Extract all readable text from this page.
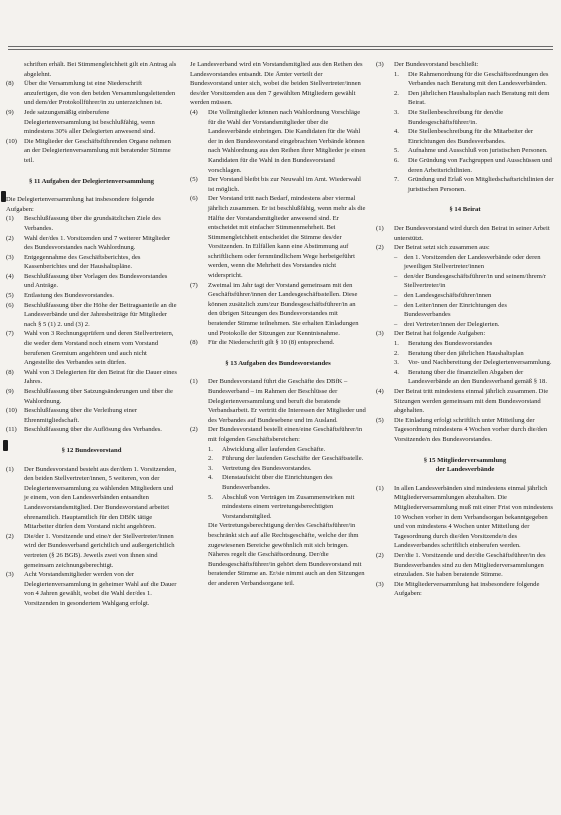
schriften erhält. Bei Stimmengleichheit gilt ein Antrag als abgelehnt.
(8)	Über die Versammlung ist eine Niederschrift anzufertigen, die von den beiden Versammlungsleitenden und dem/der Protokollführer/in zu unterzeichnen ist.
(9)	Jede satzungsmäßig einberufene Delegiertenversammlung ist beschlußfähig, wenn mindestens 30% aller Delegierten anwesend sind.
(10)	Die Mitglieder der Geschäftsführenden Organe nehmen an der Delegiertenversammlung mit beratender Stimme teil.
§ 11 Aufgaben der Delegiertenversammlung

Die Delegiertenversammlung hat insbesondere folgende Aufgaben:

(1)	Beschlußfassung über die grundsätzlichen Ziele des Verbandes.
(2)	Wahl der/des 1. Vorsitzenden und 7 weiterer Mitglieder des Bundesvorstandes nach Wahlordnung.
(3)	Entgegennahme des Geschäftsberichtes, des Kassenberichtes und der Haushaltspläne.
(4)	Beschlußfassung über Vorlagen des Bundesvorstandes und Anträge.
(5)	Entlastung des Bundesvorstandes.
(6)	Beschlußfassung über die Höhe der Beitragsanteile an die Landesverbände und der Jahresbeiträge für Mitglieder nach § 5 (1) 2. und (3) 2.
(7)	Wahl von 3 Rechnungsprüfern und deren Stellvertretern, die weder dem Vorstand noch einem vom Vorstand berufenen Gremium angehören und auch nicht Angestellte des Verbandes sein dürfen.
(8)	Wahl von 3 Delegierten für den Beirat für die Dauer eines Jahres.
(9)	Beschlußfassung über Satzungsänderungen und über die Wahlordnung.
(10)	Beschlußfassung über die Verleihung einer Ehrenmitgliedschaft.
(11)	Beschlußfassung über die Auflösung des Verbandes.
§ 12 Bundesvorstand
(1)	Der Bundesvorstand besteht aus der/dem 1. Vorsitzenden, den beiden Stellvertreter/innen, 5 weiteren, von der Delegiertenversammlung zu wählenden Mitgliedern und je einem, von den Landesverbänden entsandten Landesvorstandsmitglied. Der Bundesvorstand arbeitet ehrenamtlich. Hauptamtlich für den DBfK tätige Mitarbeiter dürfen dem Vorstand nicht angehören.
(2)	Die/der 1. Vorsitzende und eine/r der Stellvertreter/innen wird der Bundesverband gerichtlich und außergerichtlich vertreten (§ 26 BGB). Jeweils zwei von ihnen sind gemeinsam zeichnungsberechtigt.
(3)	Acht Vorstandsmitglieder werden von der Delegiertenversammlung in geheimer Wahl auf die Dauer von 4 Jahren gewählt, wobei die Wahl der/des 1. Vorsitzenden in gesondertem Wahlgang erfolgt.

Je Landesverband wird ein Vorstandsmitglied aus den Reihen des Landesvorstandes entsandt. Die Ämter verteilt der Bundesvorstand unter sich, wobei die beiden Stellvertreter/innen des/der Vorsitzenden aus den 7 gewählten Mitgliedern gewählt werden müssen.

(4)	Die Vollmitglieder können nach Wahlordnung Vorschläge für die Wahl der Vorstandsmitglieder über die Landesverbände einbringen. Die Kandidaten für die Wahl der in den Bundesvorstand eingebrachten Verbände können nach Wahlordnung aus den Reihen ihrer Mitglieder je einen Kandidaten für die Wahl in den Bundesvorstand vorschlagen.
(5)	Der Vorstand bleibt bis zur Neuwahl im Amt. Wiederwahl ist möglich.
(6)	Der Vorstand tritt nach Bedarf, mindestens aber viermal jährlich zusammen. Er ist beschlußfähig, wenn mehr als die Hälfte der Vorstandsmitglieder anwesend sind. Er entscheidet mit einfacher Stimmenmehrheit. Bei Stimmengleichheit entscheidet die Stimme des/der Vorsitzenden. In Eilfällen kann eine Abstimmung auf schriftlichem oder fernmündlichem Wege herbeigeführt werden, wenn die Mehrheit des Vorstandes nicht widerspricht.
(7)	Zweimal im Jahr tagt der Vorstand gemeinsam mit den Geschäftsführer/innen der Landesgeschäftsstellen. Diese können zusätzlich zum/zur Bundesgeschäftsführer/in an den übrigen Sitzungen des Bundesvorstandes mit beratender Stimme teilnehmen. Sie erhalten Einladungen und Protokolle der Sitzungen zur Kenntnisnahme.
(8)	Für die Niederschrift gilt § 10 (8) entsprechend.
§ 13 Aufgaben des Bundesvorstandes
(1)	Der Bundesvorstand führt die Geschäfte des DBfK – Bundesverband – im Rahmen der Beschlüsse der Delegiertenversammlung und beruft die beratende Verbandsarbeit. Er vertritt die Interessen der Mitglieder und des Verbandes auf Bundesebene und im Ausland.
(2)	Der Bundesvorstand bestellt einen/eine Geschäftsführer/in mit folgenden Geschäftsbereichen:
1.	Abwicklung aller laufenden Geschäfte.
2.	Führung der laufenden Geschäfte der Geschäftsstelle.
3.	Vertretung des Bundesvorstandes.
4.	Dienstaufsicht über die Einrichtungen des Bundesverbandes.
5.	Abschluß von Verträgen im Zusammenwirken mit mindestens einem vertretungsberechtigten Vorstandsmitglied.

Die Vertretungsberechtigung der/des Geschäftsführer/in beschränkt sich auf alle Rechtsgeschäfte, welche der ihm zugewiesenen Bereiche gewöhnlich mit sich bringen. Näheres regelt die Geschäftsordnung. Der/die Bundesgeschäftsführer/in gehört dem Bundesvorstand mit beratender Stimme an. Er/sie nimmt auch an den Sitzungen der anderen Verbandsorgane teil.

(3)	Der Bundesvorstand beschließt:
1.	Die Rahmenordnung für die Geschäftsordnungen des Verbandes nach Beratung mit den Landesverbänden.
2.	Den jährlichen Haushaltsplan nach Beratung mit dem Beirat.
3.	Die Stellenbeschreibung für den/die Bundesgeschäftsführer/in.
4.	Die Stellenbeschreibung für die Mitarbeiter der Einrichtungen des Bundesverbandes.
5.	Aufnahme und Ausschluß von juristischen Personen.
6.	Die Gründung von Fachgruppen und Ausschüssen und deren Arbeitsrichtlinien.
7.	Gründung und Erlaß von Mitgliedschaftsrichtlinien der juristischen Personen.
§ 14 Beirat
(1)	Der Bundesvorstand wird durch den Beirat in seiner Arbeit unterstützt.
(2)	Der Beirat setzt sich zusammen aus:
–	den 1. Vorsitzenden der Landesverbände oder deren jeweiligen Stellvertreter/innen
–	den/der Bundesgeschäftsführer/in und seinem/ihrem/r Stellvertreter/in
–	den Landesgeschäftsführer/innen
–	den Leiter/innen der Einrichtungen des Bundesverbandes
–	drei Vertreter/innen der Delegierten.
(3)	Der Beirat hat folgende Aufgaben:
1.	Beratung des Bundesvorstandes
2.	Beratung über den jährlichen Haushaltsplan
3.	Vor- und Nachbereitung der Delegiertenversammlung.
4.	Beratung über die finanziellen Abgaben der Landesverbände an den Bundesverband gemäß § 18.
(4)	Der Beirat tritt mindestens einmal jährlich zusammen. Die Sitzungen werden gemeinsam mit dem Bundesvorstand abgehalten.
(5)	Die Einladung erfolgt schriftlich unter Mitteilung der Tagesordnung mindestens 4 Wochen vorher durch die/den Vorsitzende/n des Bundesvorstandes.
§ 15 Mitgliederversammlung
der Landesverbände
(1)	In allen Landesverbänden sind mindestens einmal jährlich Mitgliederversammlungen abzuhalten. Die Mitgliederversammlung muß mit einer Frist von mindestens 10 Wochen vorher in dem Verbandsorgan bekanntgegeben und von mindestens 4 Wochen unter Mitteilung der Tagesordnung durch die/den Vorsitzende/n des Landesverbandes schriftlich einberufen werden.
(2)	Der/die 1. Vorsitzende und der/die Geschäftsführer/in des Bundesverbandes sind zu den Mitgliederversammlungen einzuladen. Sie haben beratende Stimme.
(3)	Die Mitgliederversammlung hat insbesondere folgende Aufgaben:
